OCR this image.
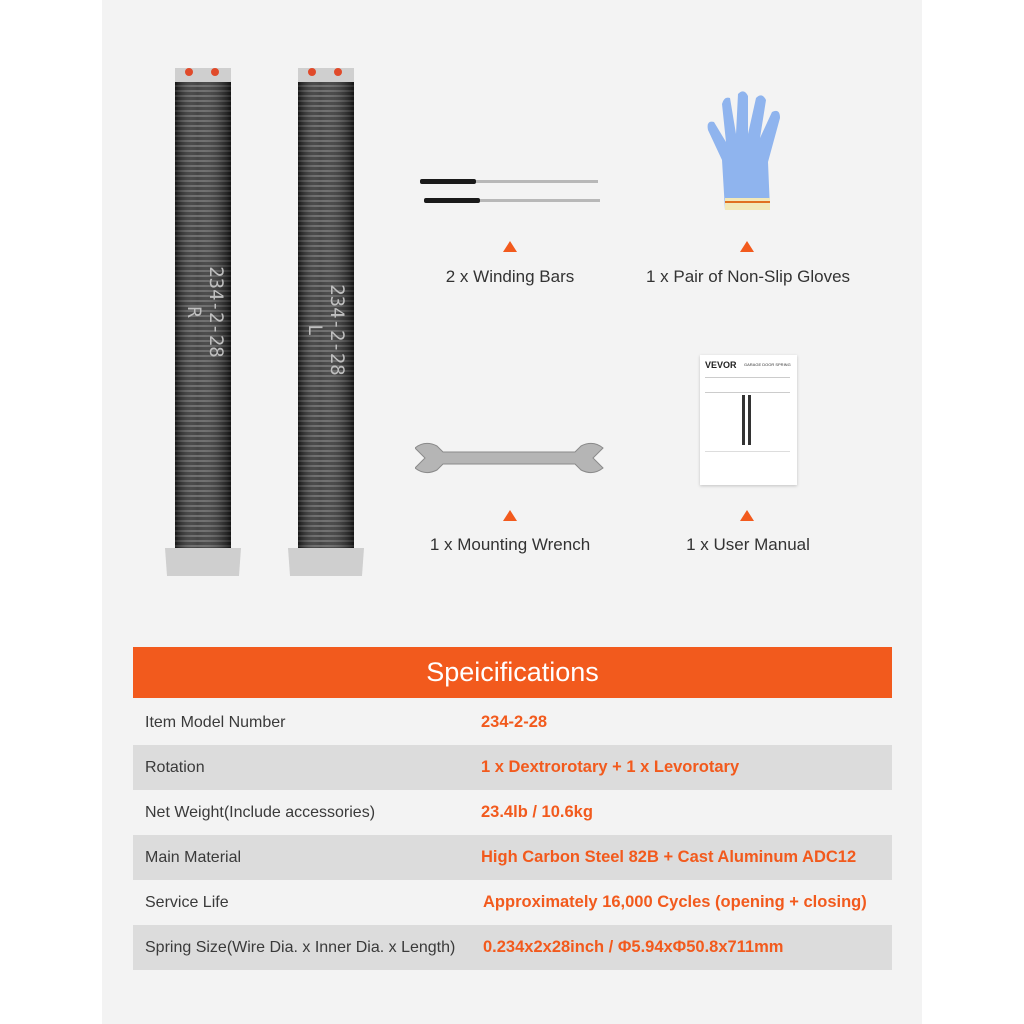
234-2-28 R	234-2-28 L
2 x Winding Bars	1 x Pair of Non-Slip Gloves
1 x Mounting Wrench
VEVOR GARAGE DOOR SPRING
1 x User Manual
Speicifications
Item Model Number	234-2-28
Rotation	1 x Dextrorotary + 1 x Levorotary
Net Weight(Include accessories)	23.4lb / 10.6kg
Main Material	High Carbon Steel 82B + Cast Aluminum ADC12
Service Life	Approximately 16,000 Cycles (opening + closing)
Spring Size(Wire Dia. x Inner Dia. x Length) 0.234x2x28inch / Φ5.94xΦ50.8x711mm
